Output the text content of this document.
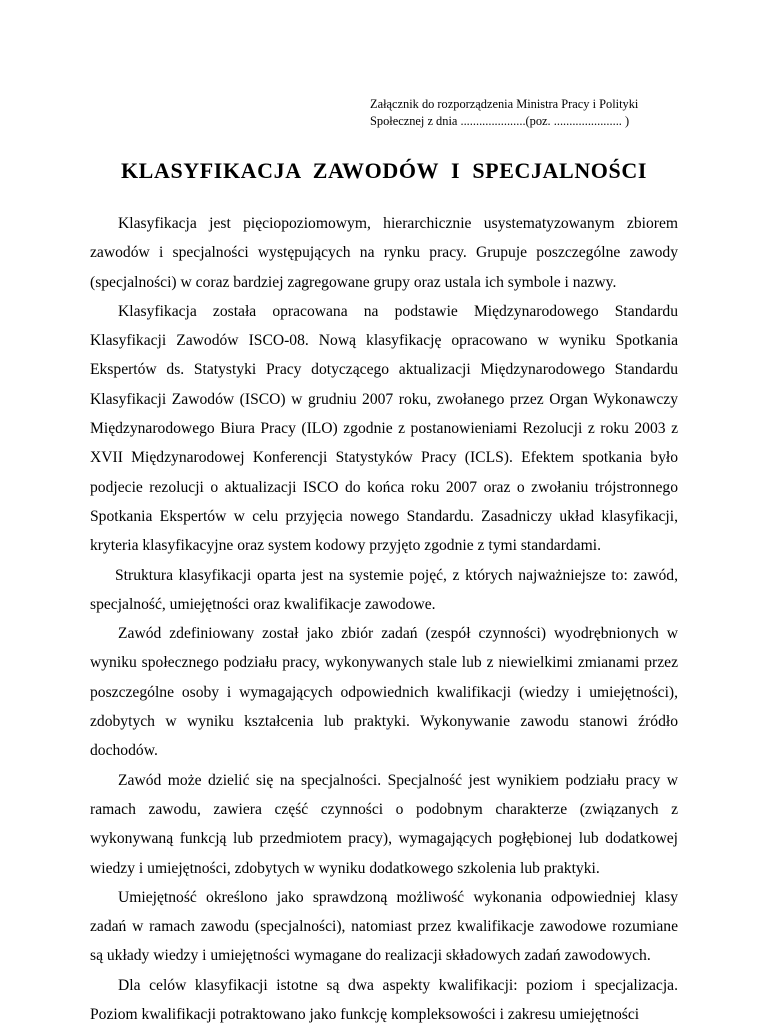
Załącznik do rozporządzenia Ministra Pracy i Polityki
Społecznej z dnia .....................(poz. ...................... )
KLASYFIKACJA  ZAWODÓW  I  SPECJALNOŚCI

Klasyfikacja jest pięciopoziomowym, hierarchicznie usystematyzowanym zbiorem zawodów i specjalności występujących na rynku pracy. Grupuje poszczególne zawody (specjalności) w coraz bardziej zagregowane grupy oraz ustala ich symbole i nazwy.

Klasyfikacja została opracowana na podstawie Międzynarodowego Standardu Klasyfikacji Zawodów ISCO-08. Nową klasyfikację opracowano w wyniku Spotkania Ekspertów ds. Statystyki Pracy dotyczącego aktualizacji Międzynarodowego Standardu Klasyfikacji Zawodów (ISCO) w grudniu 2007 roku, zwołanego przez Organ Wykonawczy Międzynarodowego Biura Pracy (ILO) zgodnie z postanowieniami Rezolucji z roku 2003 z XVII Międzynarodowej Konferencji Statystyków Pracy (ICLS). Efektem spotkania było podjecie rezolucji o aktualizacji ISCO do końca roku 2007 oraz o zwołaniu trójstronnego Spotkania Ekspertów w celu przyjęcia nowego Standardu. Zasadniczy układ klasyfikacji, kryteria klasyfikacyjne oraz system kodowy przyjęto zgodnie z tymi standardami.

Struktura klasyfikacji oparta jest na systemie pojęć, z których najważniejsze to: zawód, specjalność, umiejętności oraz kwalifikacje zawodowe.

Zawód zdefiniowany został jako zbiór zadań (zespół czynności) wyodrębnionych w wyniku społecznego podziału pracy, wykonywanych stale lub z niewielkimi zmianami przez poszczególne osoby i wymagających odpowiednich kwalifikacji (wiedzy i umiejętności), zdobytych w wyniku kształcenia lub praktyki. Wykonywanie zawodu stanowi źródło dochodów.

Zawód może dzielić się na specjalności. Specjalność jest wynikiem podziału pracy w ramach zawodu, zawiera część czynności o podobnym charakterze (związanych z wykonywaną funkcją lub przedmiotem pracy), wymagających pogłębionej lub dodatkowej wiedzy i umiejętności, zdobytych w wyniku dodatkowego szkolenia lub praktyki.

Umiejętność określono jako sprawdzoną możliwość wykonania odpowiedniej klasy zadań w ramach zawodu (specjalności), natomiast przez kwalifikacje zawodowe rozumiane są układy wiedzy i umiejętności wymagane do realizacji składowych zadań zawodowych.

Dla celów klasyfikacji istotne są dwa aspekty kwalifikacji: poziom i specjalizacja. Poziom kwalifikacji potraktowano jako funkcję kompleksowości i zakresu umiejętności
